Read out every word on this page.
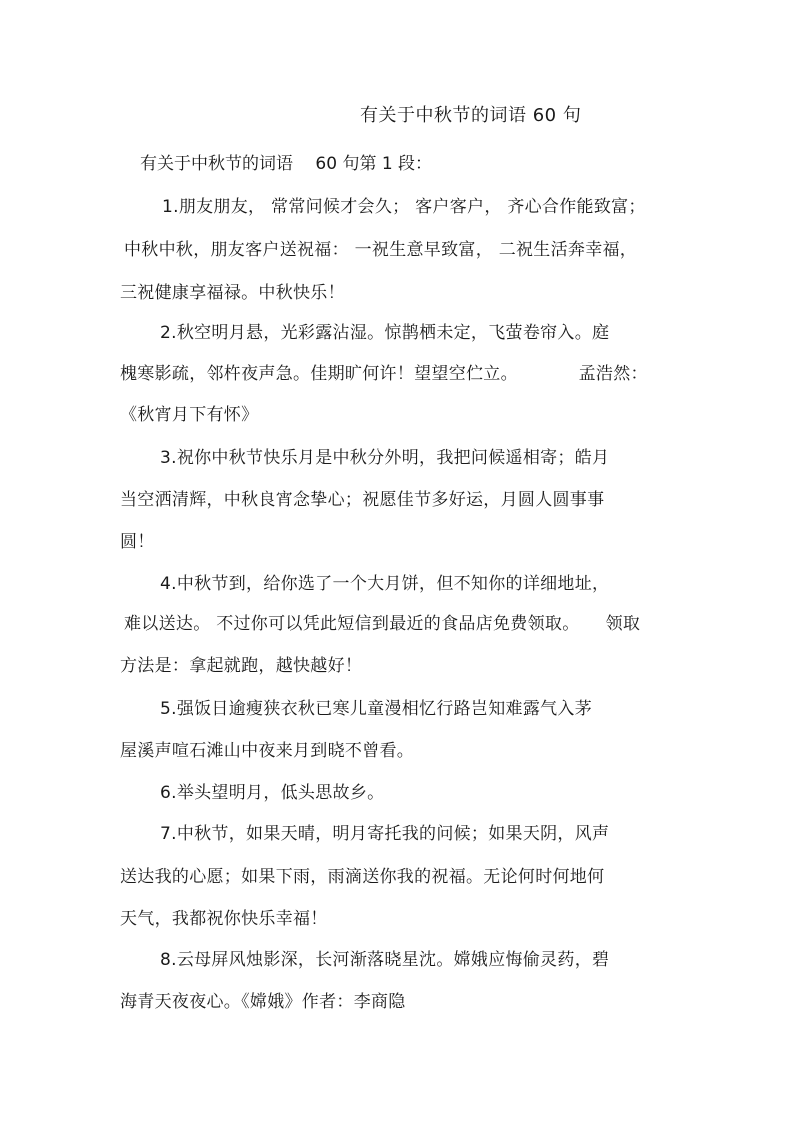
有关于中秋节的词语 60 句
有关于中秋节的词语　 60 句第 1 段：
1.朋友朋友， 常常问候才会久； 客户客户， 齐心合作能致富；
中秋中秋，朋友客户送祝福： 一祝生意早致富， 二祝生活奔幸福，
三祝健康享福禄。中秋快乐！
2.秋空明月悬，光彩露沾湿。惊鹊栖未定，飞萤卷帘入。庭
槐寒影疏，邻杵夜声急。佳期旷何许！望望空伫立。　　　　孟浩然：
《秋宵月下有怀》
3.祝你中秋节快乐月是中秋分外明，我把问候遥相寄；皓月
当空洒清辉，中秋良宵念挚心；祝愿佳节多好运，月圆人圆事事
圆！
4.中秋节到，给你选了一个大月饼，但不知你的详细地址，
难以送达。 不过你可以凭此短信到最近的食品店免费领取。　　领取
方法是：拿起就跑，越快越好！
5.强饭日逾瘦狭衣秋已寒儿童漫相忆行路岂知难露气入茅
屋溪声喧石滩山中夜来月到晓不曾看。
6.举头望明月，低头思故乡。
7.中秋节，如果天晴，明月寄托我的问候；如果天阴，风声
送达我的心愿；如果下雨，雨滴送你我的祝福。无论何时何地何
天气，我都祝你快乐幸福！
8.云母屏风烛影深，长河渐落晓星沈。嫦娥应悔偷灵药，碧
海青天夜夜心。《嫦娥》作者：李商隐
